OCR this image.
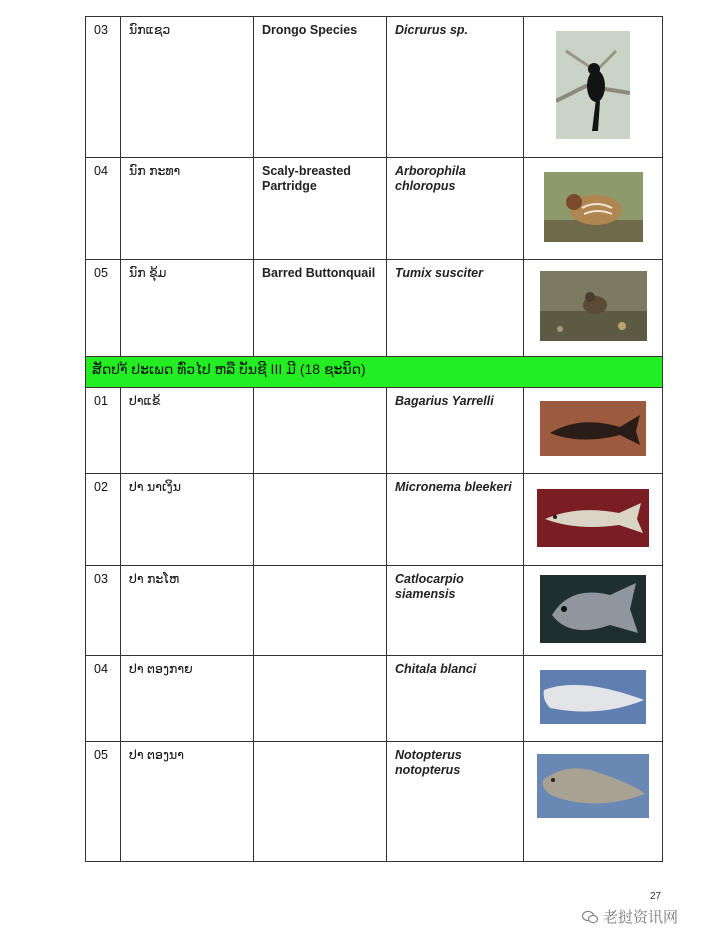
03	ນົກແຊວ	Drongo Species	Dicrurus sp.	
04	ນົກ ກະທາ	Scaly-breasted Partridge	Arborophila chloropus	
05	ນົກ ຂຸ້ມ	Barred Buttonquail	Tumix susciter	
ສັດປາ້ ປະເພດ ທົ່ວໄປ ຫລື ບັນຊີ III ມີ (18 ຊະນິດ)				
01	ປາແຂ້		Bagarius Yarrelli	
02	ປາ ນາເງິນ		Micronema bleekeri	
03	ປາ ກະໂຫ		Catlocarpio siamensis	
04	ປາ ຕອງກາຍ		Chitala blanci	
05	ປາ ຕອງນາ		Notopterus notopterus	
27
老挝资讯网
